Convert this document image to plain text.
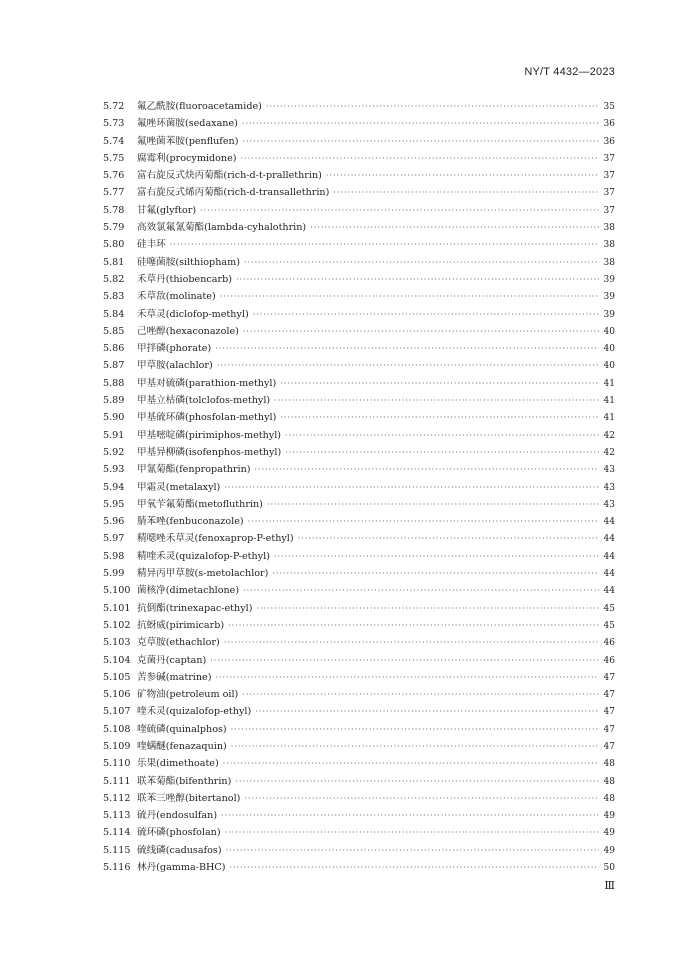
NY/T 4432—2023
5.72	氟乙酰胺(fluoroacetamide) ·····	35
5.73	氟唑环菌胺(sedaxane) ·····	36
5.74	氟唑菌苯胺(penflufen) ·····	36
5.75	腐霉利(procymidone) ·····	37
5.76	富右旋反式炔丙菊酯(rich-d-t-prallethrin) ·····	37
5.77	富右旋反式烯丙菊酯(rich-d-transallethrin) ·····	37
5.78	甘氟(glyftor) ·····	37
5.79	高效氯氟氰菊酯(lambda-cyhalothrin) ·····	38
5.80	硅丰环 ·····	38
5.81	硅噻菌胺(silthiopham) ·····	38
5.82	禾草丹(thiobencarb) ·····	39
5.83	禾草敌(molinate) ·····	39
5.84	禾草灵(diclofop-methyl) ·····	39
5.85	己唑醇(hexaconazole) ·····	40
5.86	甲拌磷(phorate) ·····	40
5.87	甲草胺(alachlor) ·····	40
5.88	甲基对硫磷(parathion-methyl) ·····	41
5.89	甲基立枯磷(tolclofos-methyl) ·····	41
5.90	甲基硫环磷(phosfolan-methyl) ·····	41
5.91	甲基嘧啶磷(pirimiphos-methyl) ·····	42
5.92	甲基异柳磷(isofenphos-methyl) ·····	42
5.93	甲氰菊酯(fenpropathrin) ·····	43
5.94	甲霜灵(metalaxyl) ·····	43
5.95	甲氧苄氟菊酯(metofluthrin) ·····	43
5.96	腈苯唑(fenbuconazole) ·····	44
5.97	精噁唑禾草灵(fenoxaprop-P-ethyl) ·····	44
5.98	精喹禾灵(quizalofop-P-ethyl) ·····	44
5.99	精异丙甲草胺(s-metolachlor) ·····	44
5.100 菌核净(dimetachlone) ·····	44
5.101 抗倒酯(trinexapac-ethyl) ·····	45
5.102 抗蚜威(pirimicarb) ·····	45
5.103 克草胺(ethachlor) ·····	46
5.104 克菌丹(captan) ·····	46
5.105 苦参碱(matrine) ·····	47
5.106 矿物油(petroleum oil) ·····	47
5.107 喹禾灵(quizalofop-ethyl) ·····	47
5.108 喹硫磷(quinalphos) ·····	47
5.109 喹螨醚(fenazaquin) ·····	47
5.110 乐果(dimethoate) ·····	48
5.111 联苯菊酯(bifenthrin) ·····	48
5.112 联苯三唑醇(bitertanol) ·····	48
5.113 硫丹(endosulfan) ·····	49
5.114 硫环磷(phosfolan) ·····	49
5.115 硫线磷(cadusafos) ·····	49
5.116 林丹(gamma-BHC) ·····	50
Ⅲ
